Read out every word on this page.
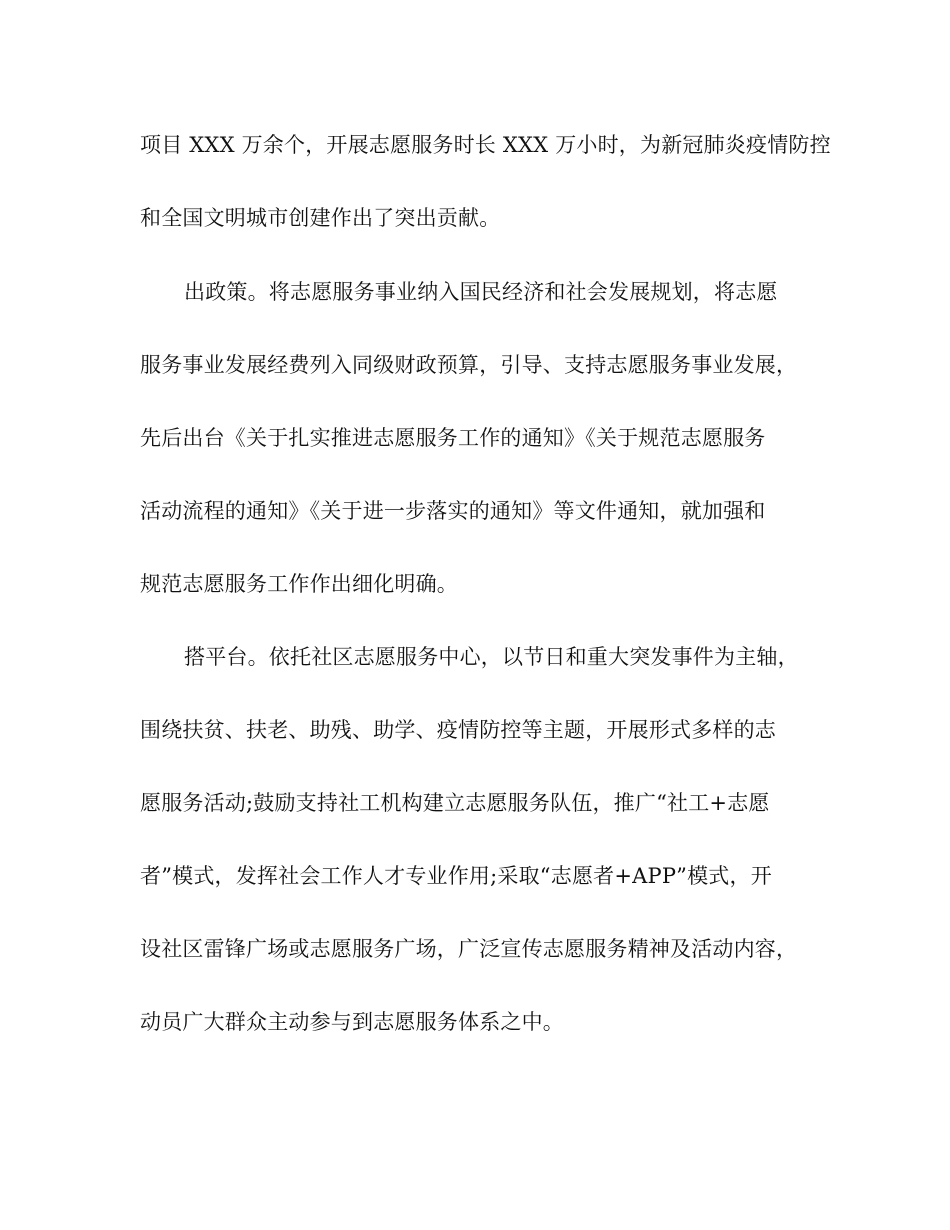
项目 XXX 万余个，开展志愿服务时长 XXX 万小时，为新冠肺炎疫情防控
和全国文明城市创建作出了突出贡献。
出政策。将志愿服务事业纳入国民经济和社会发展规划，将志愿
服务事业发展经费列入同级财政预算，引导、支持志愿服务事业发展，
先后出台《关于扎实推进志愿服务工作的通知》《关于规范志愿服务
活动流程的通知》《关于进一步落实的通知》等文件通知，就加强和
规范志愿服务工作作出细化明确。
搭平台。依托社区志愿服务中心，以节日和重大突发事件为主轴，
围绕扶贫、扶老、助残、助学、疫情防控等主题，开展形式多样的志
愿服务活动;鼓励支持社工机构建立志愿服务队伍，推广“社工+志愿
者”模式，发挥社会工作人才专业作用;采取“志愿者+APP”模式，开
设社区雷锋广场或志愿服务广场，广泛宣传志愿服务精神及活动内容，
动员广大群众主动参与到志愿服务体系之中。
